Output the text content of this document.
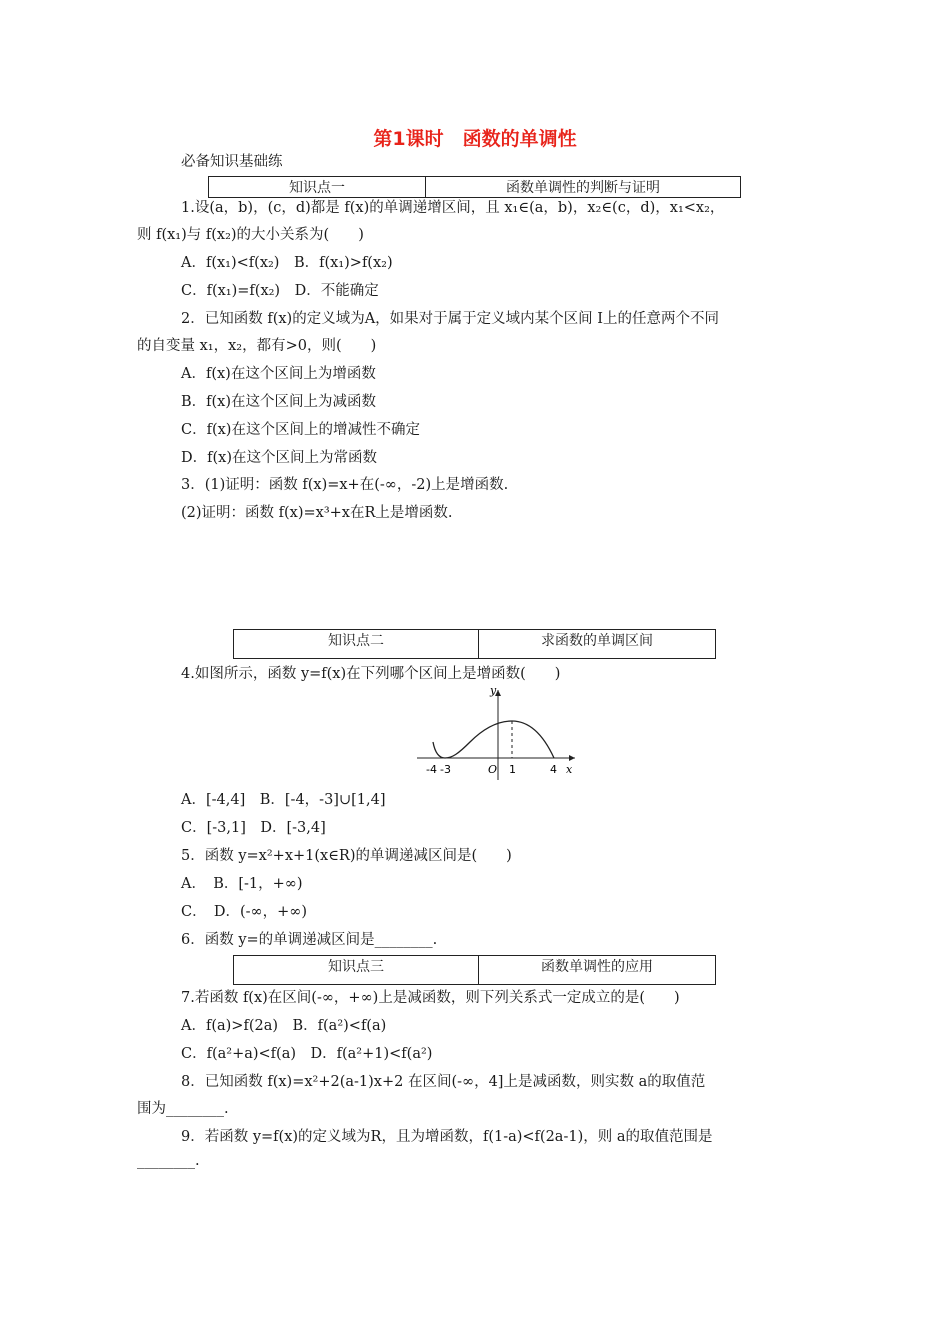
第1课时　函数的单调性
必备知识基础练
知识点一	函数单调性的判断与证明
1.设(a，b)，(c，d)都是 f(x)的单调递增区间，且 x₁∈(a，b)，x₂∈(c，d)，x₁<x₂，
则 f(x₁)与 f(x₂)的大小关系为(　　)
A．f(x₁)<f(x₂)　B．f(x₁)>f(x₂)
C．f(x₁)=f(x₂)　D．不能确定
2．已知函数 f(x)的定义域为A，如果对于属于定义域内某个区间 I上的任意两个不同
的自变量 x₁，x₂，都有>0，则(　　)
A．f(x)在这个区间上为增函数
B．f(x)在这个区间上为减函数
C．f(x)在这个区间上的增减性不确定
D．f(x)在这个区间上为常函数
3．(1)证明：函数 f(x)=x+在(-∞，-2)上是增函数.
(2)证明：函数 f(x)=x³+x在R上是增函数.
知识点二	求函数的单调区间
4.如图所示，函数 y=f(x)在下列哪个区间上是增函数(　　)
y
x
O
-4 -3	1	4
A．[-4,4]　B．[-4，-3]∪[1,4]
C．[-3,1]　D．[-3,4]
5．函数 y=x²+x+1(x∈R)的单调递减区间是(　　)
A．　B．[-1，+∞)
C．　D．(-∞，+∞)
6．函数 y=的单调递减区间是________.
知识点三	函数单调性的应用
7.若函数 f(x)在区间(-∞，+∞)上是减函数，则下列关系式一定成立的是(　　)
A．f(a)>f(2a)　B．f(a²)<f(a)
C．f(a²+a)<f(a)　D．f(a²+1)<f(a²)
8．已知函数 f(x)=x²+2(a-1)x+2 在区间(-∞，4]上是减函数，则实数 a的取值范
围为________.
9．若函数 y=f(x)的定义域为R，且为增函数，f(1-a)<f(2a-1)，则 a的取值范围是
________.
